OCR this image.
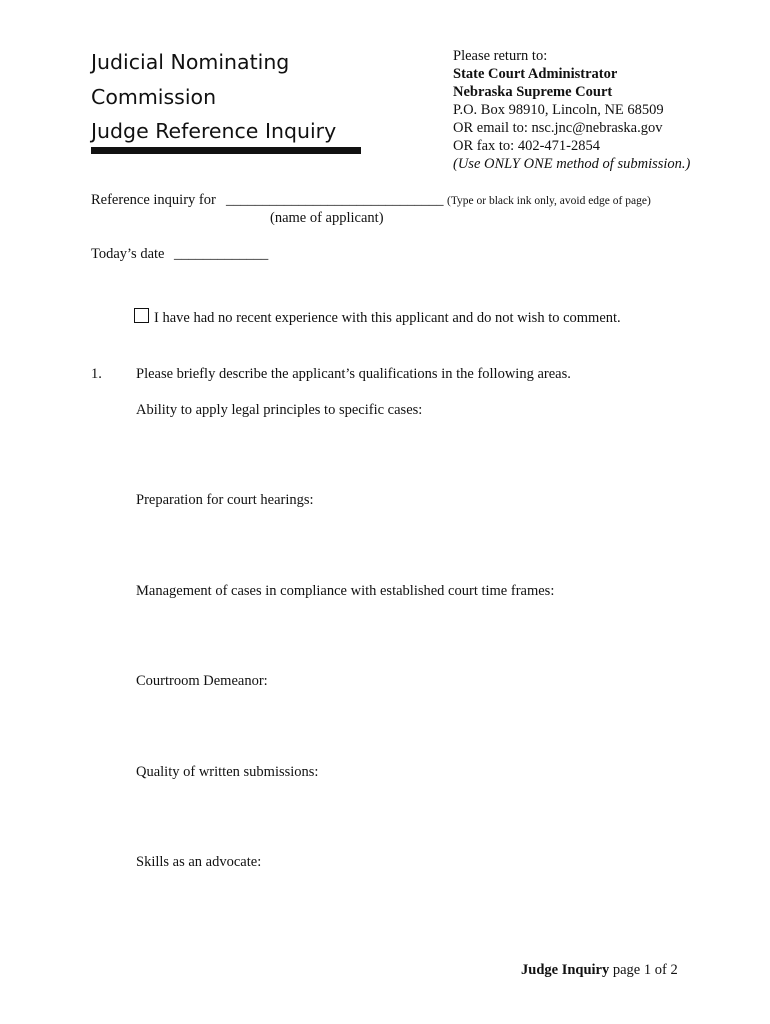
Judicial Nominating
Commission
Judge Reference Inquiry
Please return to:
State Court Administrator
Nebraska Supreme Court
P.O. Box 98910, Lincoln, NE 68509
OR email to: nsc.jnc@nebraska.gov
OR fax to: 402-471-2854
(Use ONLY ONE method of submission.)
Reference inquiry for ______________________________ (Type or black ink only, avoid edge of page)
(name of applicant)
Today’s date _____________
I have had no recent experience with this applicant and do not wish to comment.
1. Please briefly describe the applicant’s qualifications in the following areas.
Ability to apply legal principles to specific cases:
Preparation for court hearings:
Management of cases in compliance with established court time frames:
Courtroom Demeanor:
Quality of written submissions:
Skills as an advocate:
Judge Inquiry page 1 of 2
